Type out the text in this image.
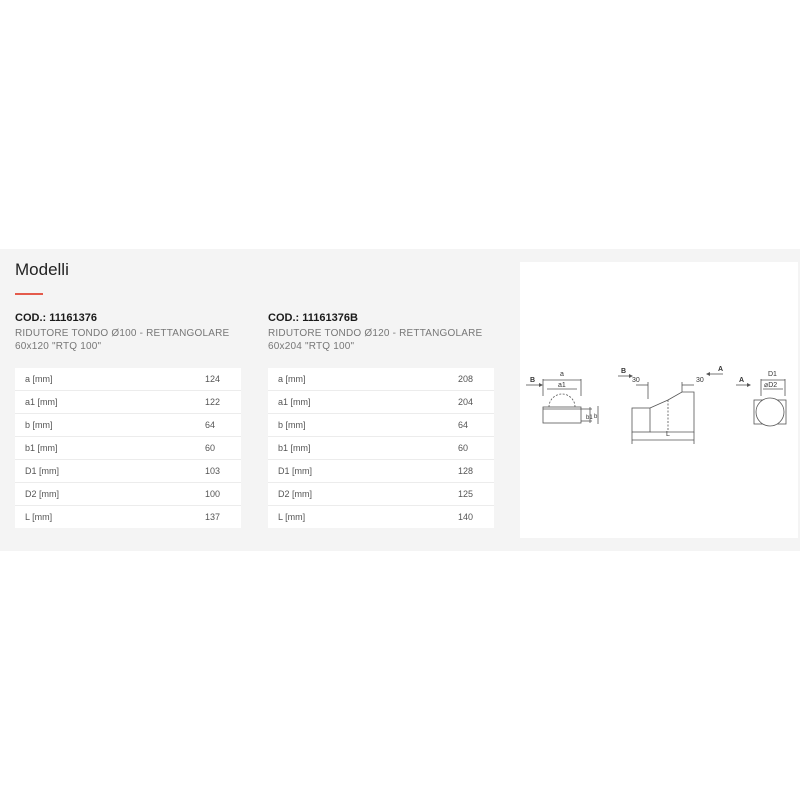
Modelli

COD.: 11161376

RIDUTORE TONDO Ø100 - RETTANGOLARE 60x120 "RTQ 100"

a [mm]	124
a1 [mm]	122
b [mm]	64
b1 [mm]	60
D1 [mm]	103
D2 [mm]	100
L [mm]	137

COD.: 11161376B

RIDUTORE TONDO Ø120 - RETTANGOLARE 60x204 "RTQ 100"

a [mm]	208
a1 [mm]	204
b [mm]	64
b1 [mm]	60
D1 [mm]	128
D2 [mm]	125
L [mm]	140
B
a
a1
b1 b
B	A
30	30
L
A
D1
⌀D2
